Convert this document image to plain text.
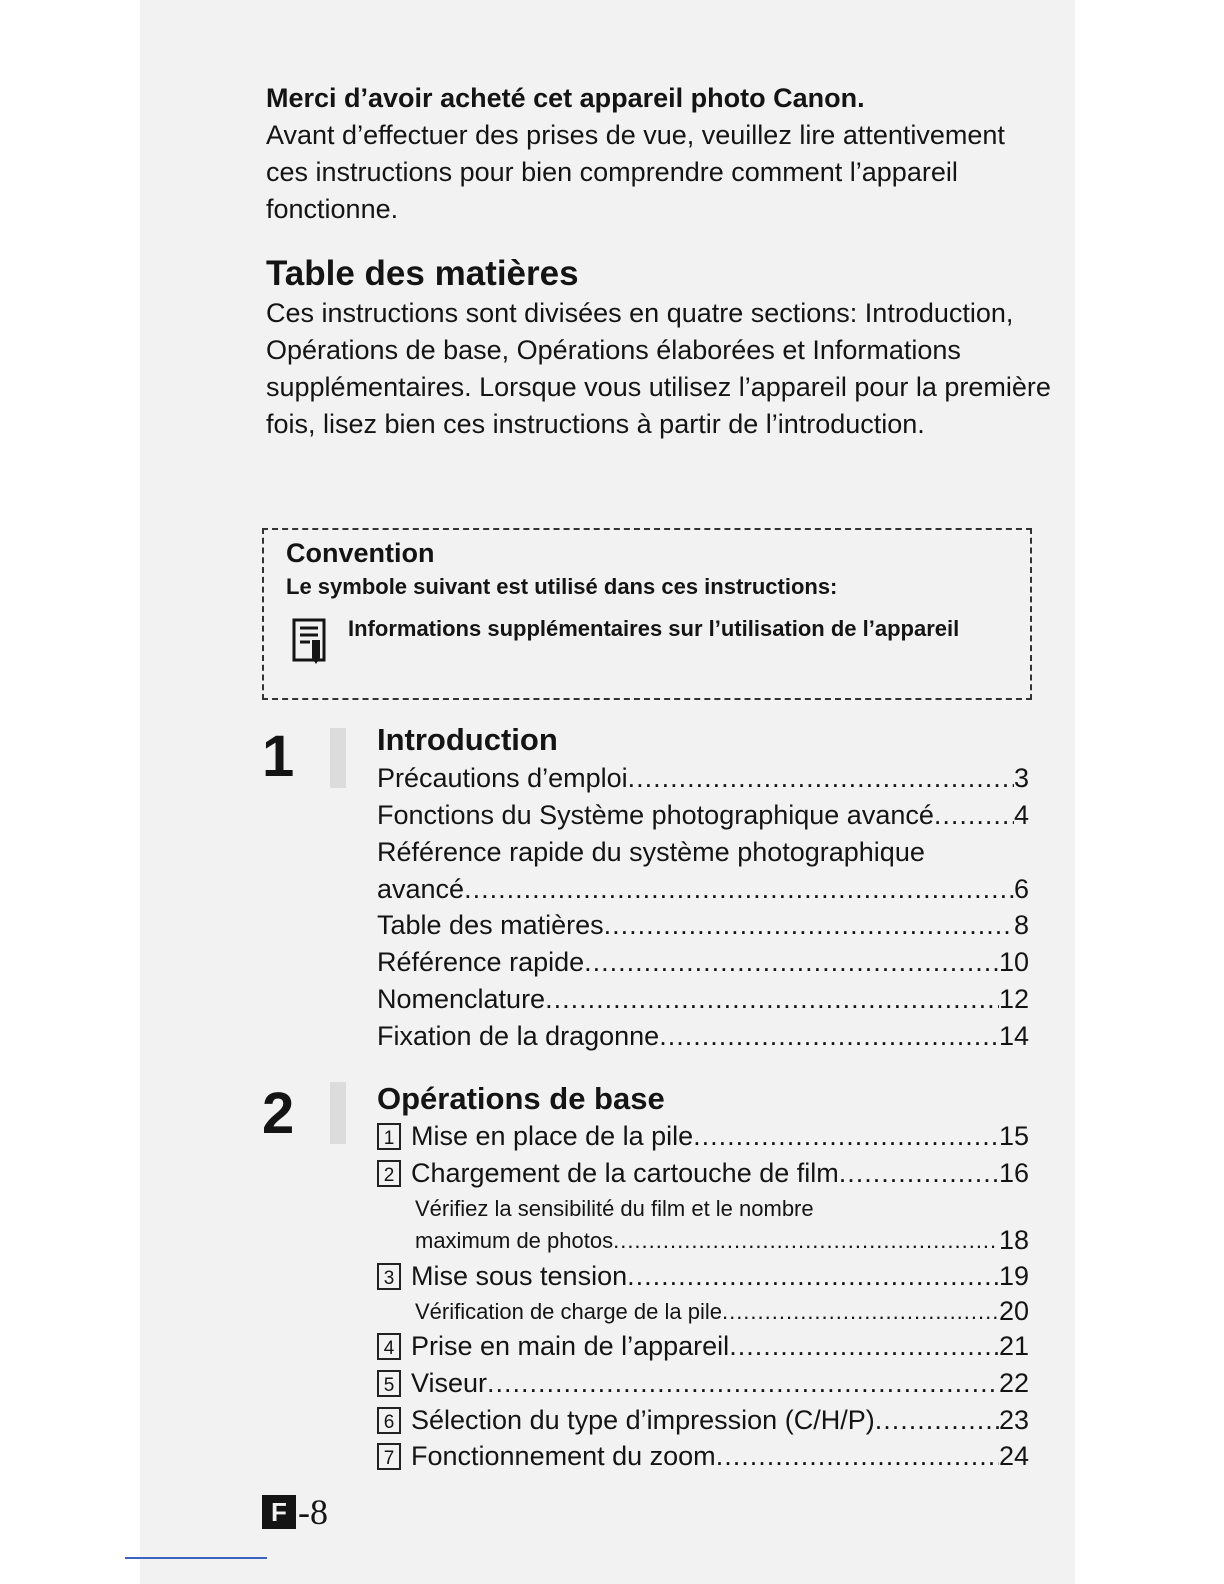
Merci d’avoir acheté cet appareil photo Canon.
Avant d’effectuer des prises de vue, veuillez lire attentivement ces instructions pour bien comprendre comment l’appareil fonctionne.
Table des matières

Ces instructions sont divisées en quatre sections: Introduction, Opérations de base, Opérations élaborées et Informations supplémentaires. Lorsque vous utilisez l’appareil pour la première fois, lisez bien ces instructions à partir de l’introduction.

Convention
Le symbole suivant est utilisé dans ces instructions:
Informations supplémentaires sur l’utilisation de l’appareil
1	Introduction
Précautions d’emploi .....	3
Fonctions du Système photographique avancé .....	4
Référence rapide du système photographique
avancé .....	6
Table des matières .....	8
Référence rapide .....	10
Nomenclature .....	12
Fixation de la dragonne .....	14
2	Opérations de base
1 Mise en place de la pile .....	15
2 Chargement de la cartouche de film .....	16
Vérifiez la sensibilité du film et le nombre
maximum de photos .....	18
3 Mise sous tension .....	19
Vérification de charge de la pile .....	20
4 Prise en main de l’appareil .....	21
5 Viseur .....	22
6 Sélection du type d’impression (C/H/P) .....	23
7 Fonctionnement du zoom .....	24
F -8
